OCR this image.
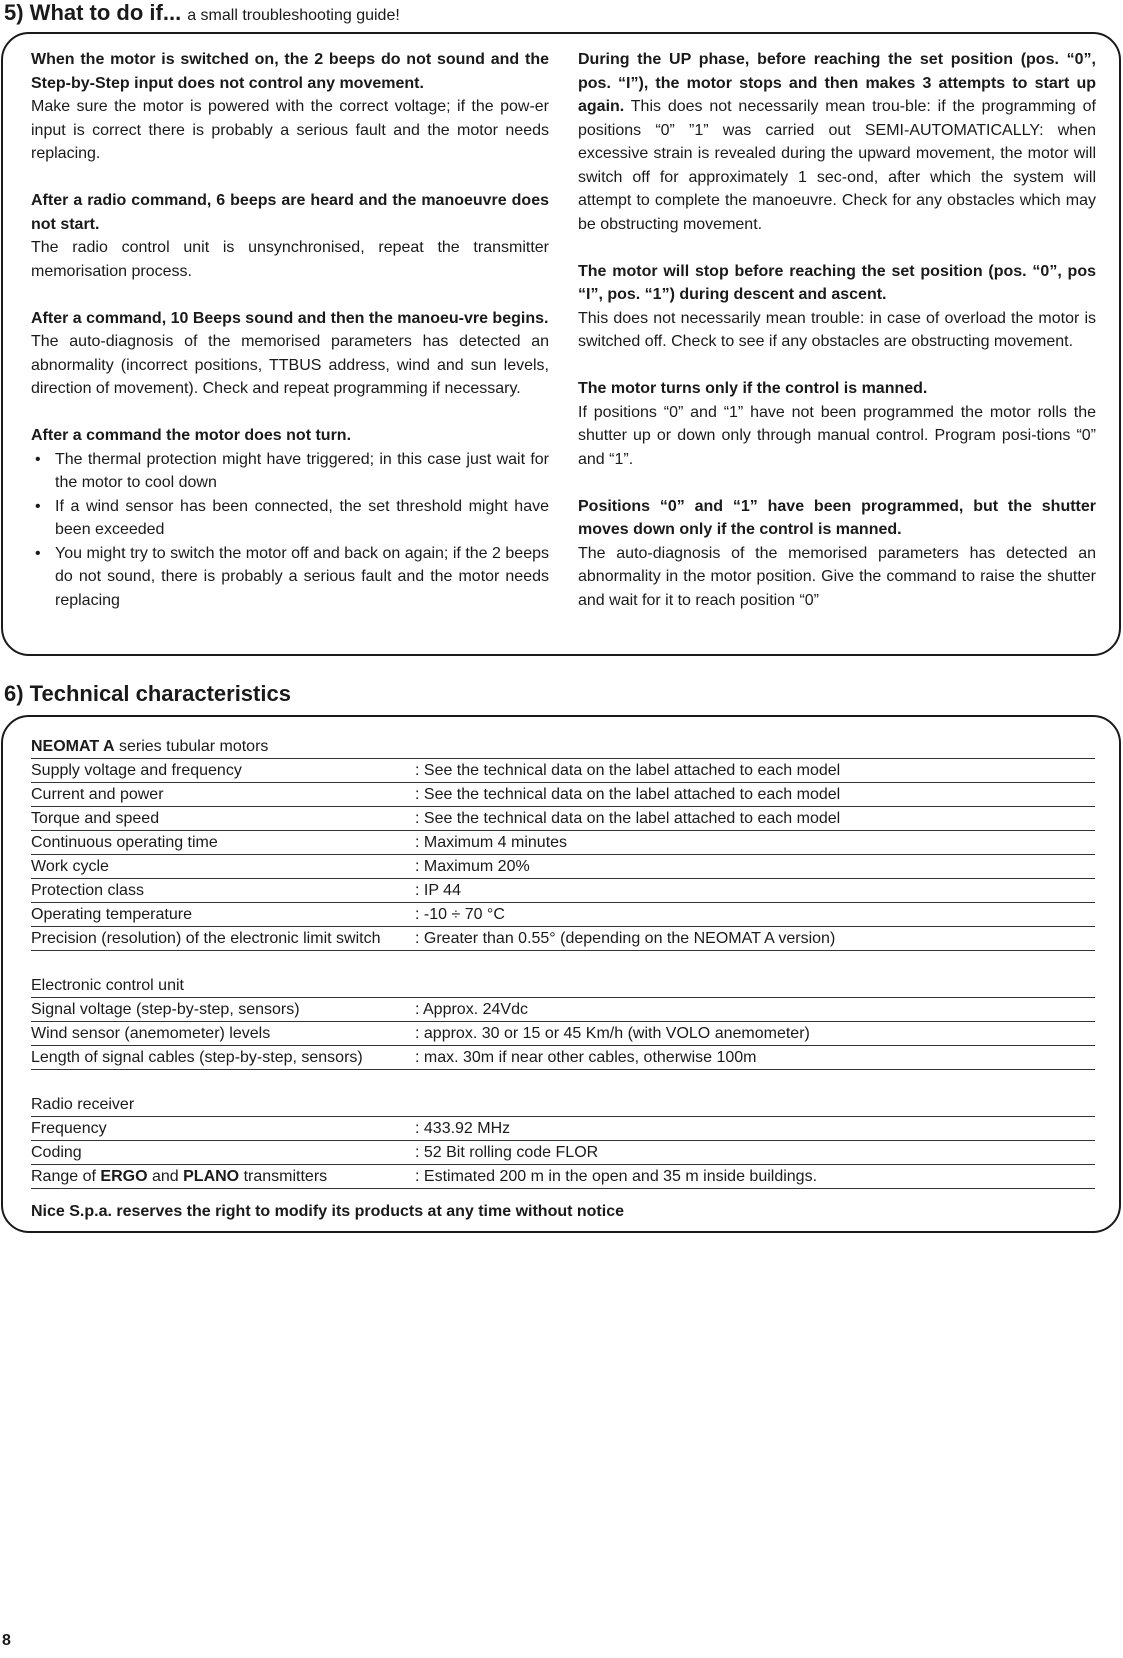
5) What to do if... a small troubleshooting guide!
When the motor is switched on, the 2 beeps do not sound and the Step-by-Step input does not control any movement.
Make sure the motor is powered with the correct voltage; if the pow-er input is correct there is probably a serious fault and the motor needs replacing.
After a radio command, 6 beeps are heard and the manoeuvre does not start.
The radio control unit is unsynchronised, repeat the transmitter memorisation process.
After a command, 10 Beeps sound and then the manoeu-vre begins.
The auto-diagnosis of the memorised parameters has detected an abnormality (incorrect positions, TTBUS address, wind and sun levels, direction of movement). Check and repeat programming if necessary.
After a command the motor does not turn.
• The thermal protection might have triggered; in this case just wait for the motor to cool down
• If a wind sensor has been connected, the set threshold might have been exceeded
• You might try to switch the motor off and back on again; if the 2 beeps do not sound, there is probably a serious fault and the motor needs replacing
During the UP phase, before reaching the set position (pos. “0”, pos. “I”), the motor stops and then makes 3 attempts to start up again. This does not necessarily mean trou-ble: if the programming of positions “0” ”1” was carried out SEMI-AUTOMATICALLY: when excessive strain is revealed during the upward movement, the motor will switch off for approximately 1 sec-ond, after which the system will attempt to complete the manoeuvre. Check for any obstacles which may be obstructing movement.
The motor will stop before reaching the set position (pos. “0”, pos “I”, pos. “1”) during descent and ascent.
This does not necessarily mean trouble: in case of overload the motor is switched off. Check to see if any obstacles are obstructing movement.
The motor turns only if the control is manned.
If positions “0” and “1” have not been programmed the motor rolls the shutter up or down only through manual control. Program posi-tions “0” and “1”.
Positions “0” and “1” have been programmed, but the shutter moves down only if the control is manned.
The auto-diagnosis of the memorised parameters has detected an abnormality in the motor position. Give the command to raise the shutter and wait for it to reach position “0”
6) Technical characteristics
NEOMAT A series tubular motors
Supply voltage and frequency	: See the technical data on the label attached to each model
Current and power	: See the technical data on the label attached to each model
Torque and speed	: See the technical data on the label attached to each model
Continuous operating time	: Maximum 4 minutes
Work cycle	: Maximum 20%
Protection class	: IP 44
Operating temperature	: -10 ÷ 70 °C
Precision (resolution) of the electronic limit switch	: Greater than 0.55° (depending on the NEOMAT A version)
Electronic control unit
Signal voltage (step-by-step, sensors)	: Approx. 24Vdc
Wind sensor (anemometer) levels	: approx. 30 or 15 or 45 Km/h (with VOLO anemometer)
Length of signal cables (step-by-step, sensors)	: max. 30m if near other cables, otherwise 100m
Radio receiver
Frequency	: 433.92 MHz
Coding	: 52 Bit rolling code FLOR
Range of ERGO and PLANO transmitters	: Estimated 200 m in the open and 35 m inside buildings.
Nice S.p.a. reserves the right to modify its products at any time without notice
8
